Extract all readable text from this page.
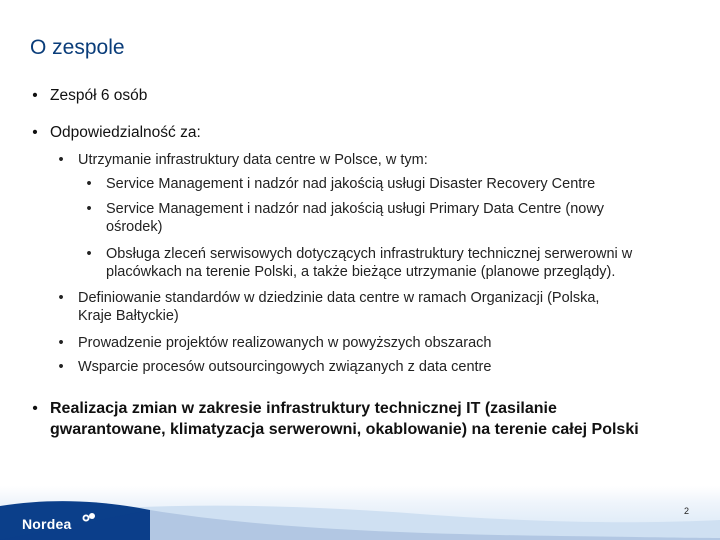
O zespole
• Zespół 6 osób
• Odpowiedzialność za:
• Utrzymanie infrastruktury data centre w Polsce, w tym:
• Service Management i nadzór nad jakością usługi Disaster Recovery Centre
• Service Management i nadzór nad jakością usługi Primary Data Centre (nowy
ośrodek)
• Obsługa zleceń serwisowych dotyczących infrastruktury technicznej serwerowni w
placówkach na terenie Polski, a także bieżące utrzymanie (planowe przeglądy).
• Definiowanie standardów w dziedzinie data centre w ramach Organizacji (Polska,
Kraje Bałtyckie)
• Prowadzenie projektów realizowanych w powyższych obszarach
• Wsparcie procesów outsourcingowych związanych z data centre
• Realizacja zmian w zakresie infrastruktury technicznej IT (zasilanie
gwarantowane, klimatyzacja serwerowni, okablowanie) na terenie całej Polski
Nordea
2
